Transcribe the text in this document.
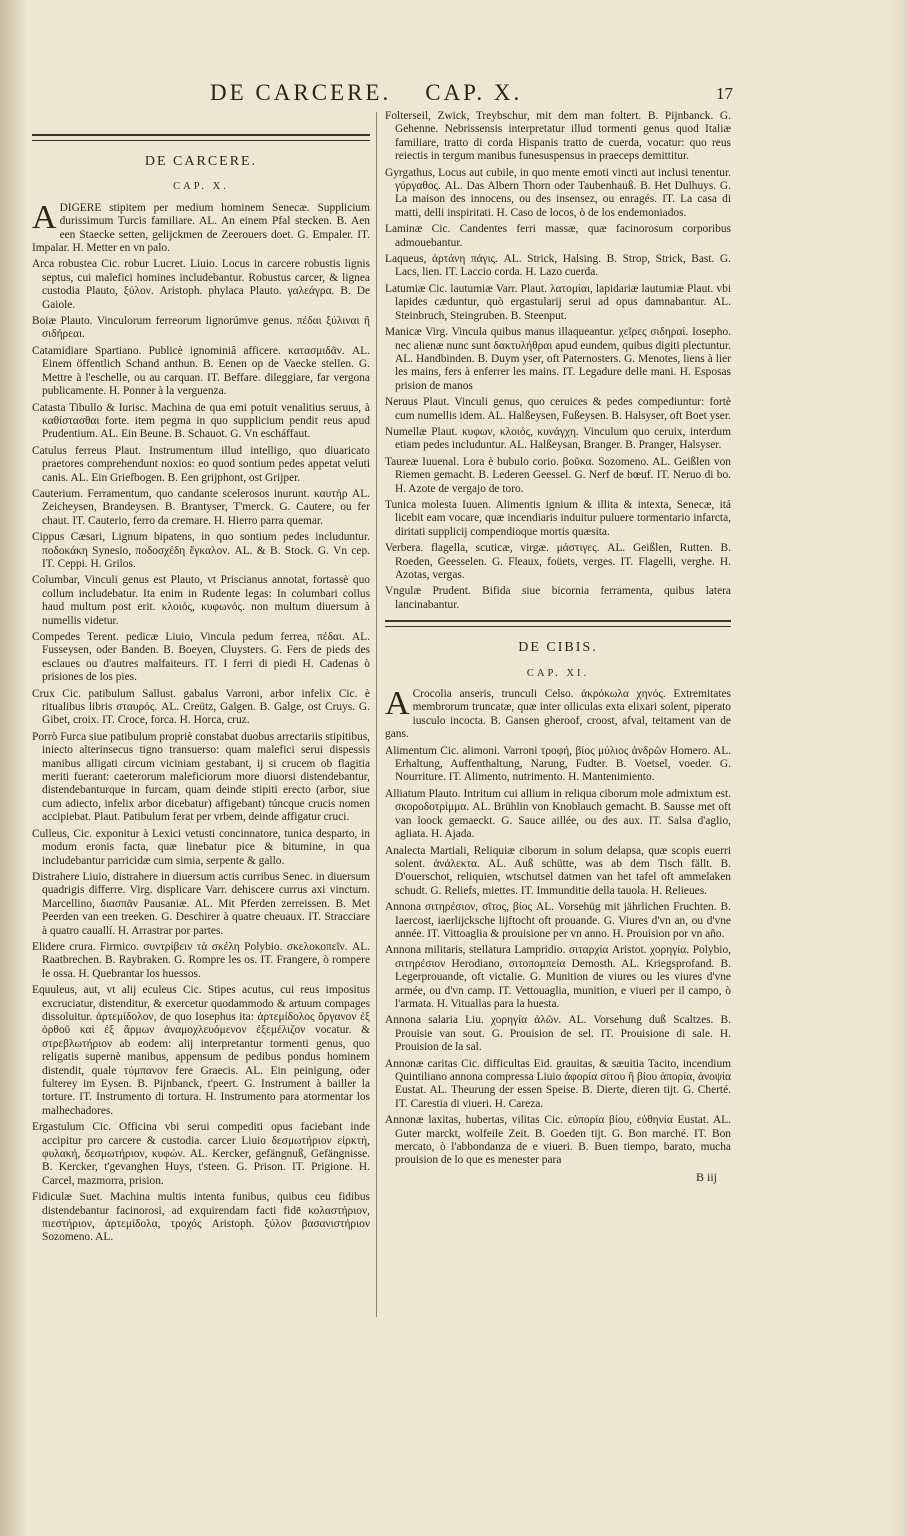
DE CARCERE. CAP. X.	17
DE CARCERE.
CAP. X.

ADIGERE stipitem per medium hominem Senecæ. Supplicium durissimum Turcis familiare. AL. An einem Pfal stecken. B. Aen een Staecke setten, gelijckmen de Zeerouers doet. G. Empaler. IT. Impalar. H. Metter en vn palo.

Arca robustea Cic. robur Lucret. Liuio. Locus in carcere robustis lignis septus, cui malefici homines includebantur. Robustus carcer, & lignea custodia Plauto, ξύλον. Aristoph. phylaca Plauto. γαλεάγρα. B. De Gaiole.

Boiæ Plauto. Vinculorum ferreorum lignorúmve genus. πέδαι ξύλιναι ἢ σιδήρεαι.

Catamidiare Spartiano. Publicè ignominiâ afficere. κατασμιδᾶν. AL. Einem öffentlich Schand anthun. B. Eenen op de Vaecke stellen. G. Mettre à l'eschelle, ou au carquan. IT. Beffare. dileggiare, far vergona publicamente. H. Ponner à la verguenza.

Catasta Tibullo & Iurisc. Machina de qua emi potuit venalitius seruus, à καθίστασθαι forte. item pegma in quo supplicium pendit reus apud Prudentium. AL. Ein Beune. B. Schauot. G. Vn escháffaut.

Catulus ferreus Plaut. Instrumentum illud intelligo, quo diuaricato praetores comprehendunt noxios: eo quod sontium pedes appetat veluti canis. AL. Ein Griefbogen. B. Een grijphont, ost Grijper.

Cauterium. Ferramentum, quo candante scelerosos inurunt. καυτήρ AL. Zeicheysen, Brandeysen. B. Brantyser, T'merck. G. Cautere, ou fer chaut. IT. Cauterio, ferro da cremare. H. Hierro parra quemar.

Cippus Cæsari, Lignum bipatens, in quo sontium pedes includuntur. ποδοκάκη Synesio, ποδοσχέδη ἔγκαλον. AL. & B. Stock. G. Vn cep. IT. Ceppi. H. Grilos.

Columbar, Vinculi genus est Plauto, vt Priscianus annotat, fortassè quo collum includebatur. Ita enim in Rudente legas: In columbari collus haud multum post erit. κλοιός, κυφωνός. non multum diuersum à numellis videtur.

Compedes Terent. pedicæ Liuio, Vincula pedum ferrea, πέδαι. AL. Fusseysen, oder Banden. B. Boeyen, Cluysters. G. Fers de pieds des esclaues ou d'autres malfaiteurs. IT. I ferri di piedi H. Cadenas ò prisiones de los pies.

Crux Cic. patibulum Sallust. gabalus Varroni, arbor infelix Cic. è ritualibus libris σταυρός. AL. Creütz, Galgen. B. Galge, ost Cruys. G. Gibet, croix. IT. Croce, forca. H. Horca, cruz.

Porrò Furca siue patibulum propriè constabat duobus arrectariis stipitibus, iniecto alterinsecus tigno transuerso: quam malefici serui dispessis manibus alligati circum viciniam gestabant, ij si crucem ob flagitia meriti fuerant: caeterorum maleficiorum more diuorsi distendebantur, distendebanturque in furcam, quam deinde stipiti erecto (arbor, siue cum adiecto, infelix arbor dicebatur) affigebant) túncque crucis nomen accipiebat. Plaut. Patibulum ferat per vrbem, deinde affigatur cruci.

Culleus, Cic. exponitur à Lexici vetusti concinnatore, tunica desparto, in modum eronis facta, quæ linebatur pice & bitumine, in qua includebantur parricidæ cum simia, serpente & gallo.

Distrahere Liuio, distrahere in diuersum actis curribus Senec. in diuersum quadrigis differre. Virg. displicare Varr. dehiscere currus axi vinctum. Marcellino, διασπᾶν Pausaniæ. AL. Mit Pferden zerreissen. B. Met Peerden van een treeken. G. Deschirer à quatre cheuaux. IT. Stracciare à quatro cauallí. H. Arrastrar por partes.

Elidere crura. Firmico. συντρίβειν τὰ σκέλη Polybio. σκελοκοπεῖν. AL. Raatbrechen. B. Raybraken. G. Rompre les os. IT. Frangere, ò rompere le ossa. H. Quebrantar los huessos.

Equuleus, aut, vt alij eculeus Cic. Stipes acutus, cui reus impositus excruciatur, distenditur, & exercetur quodammodo & artuum compages dissoluitur. ἀρτεμίδολον, de quo Iosephus ita: ἀρτεμίδολος ὄργανον ἐξ ὀρθοῦ καὶ ἐξ ἄρμων ἀναμοχλευόμενον ἐξεμέλιζον vocatur. & στρεβλωτήριον ab eodem: alij interpretantur tormenti genus, quo religatis supernè manibus, appensum de pedibus pondus hominem distendit, quale τύμπανον fere Graecis. AL. Ein peinigung, oder fulterey im Eysen. B. Pijnbanck, t'peert. G. Instrument à bailler la torture. IT. Instrumento di tortura. H. Instrumento para atormentar los malhechadores.

Ergastulum Cic. Officina vbi serui compediti opus faciebant inde accipitur pro carcere & custodia. carcer Liuio δεσμωτήριον εἱρκτή, φυλακή, δεσμωτήριον, κυφών. AL. Kercker, gefängnuß, Gefängnisse. B. Kercker, t'gevanghen Huys, t'steen. G. Prison. IT. Prigione. H. Carcel, mazmorra, prision.

Fidiculæ Suet. Machina multis intenta funibus, quibus ceu fidibus distendebantur facinorosi, ad exquirendam facti fidē κολαστήριον, πιεστήριον, ἀρτεμίδολα, τροχός Aristoph. ξύλον βασανιστήριον Sozomeno. AL.

Folterseil, Zwick, Treybschur, mit dem man foltert. B. Pijnbanck. G. Gehenne. Nebrissensis interpretatur illud tormenti genus quod Italiæ familiare, tratto di corda Hispanis tratto de cuerda, vocatur: quo reus reiectis in tergum manibus funesuspensus in praeceps demittitur.

Gyrgathus, Locus aut cubile, in quo mente emoti vincti aut inclusi tenentur. γύργαθος. AL. Das Albern Thorn oder Taubenhauß. B. Het Dulhuys. G. La maison des innocens, ou des insensez, ou enragés. IT. La casa di matti, delli inspiritati. H. Caso de locos, ò de los endemoniados.

Laminæ Cic. Candentes ferri massæ, quæ facinorosum corporibus admouebantur.

Laqueus, ἀρτάνη πάγις. AL. Strick, Halsing. B. Strop, Strick, Bast. G. Lacs, lien. IT. Laccio corda. H. Lazo cuerda.

Latumiæ Cic. lautumiæ Varr. Plaut. λατομίαι, lapidariæ lautumiæ Plaut. vbi lapides cæduntur, quò ergastularij serui ad opus damnabantur. AL. Steinbruch, Steingruben. B. Steenput.

Manicæ Virg. Vincula quibus manus illaqueantur. χεῖρες σιδηραί. Iosepho. nec alienæ nunc sunt δακτυλήθραι apud eundem, quibus digiti plectuntur. AL. Handbinden. B. Duym yser, oft Paternosters. G. Menotes, liens à lier les mains, fers à enferrer les mains. IT. Legadure delle mani. H. Esposas prision de manos

Neruus Plaut. Vinculi genus, quo ceruices & pedes compediuntur: fortè cum numellis idem. AL. Halßeysen, Fußeysen. B. Halsyser, oft Boet yser.

Numellæ Plaut. κυφων, κλοιός, κυνάγχη. Vinculum quo ceruix, interdum etiam pedes includuntur. AL. Halßeysan, Branger. B. Pranger, Halsyser.

Taureæ Iuuenal. Lora è bubulo corio. βοῦκα. Sozomeno. AL. Geißlen von Riemen gemacht. B. Lederen Geessel. G. Nerf de bœuf. IT. Neruo di bo. H. Azote de vergajo de toro.

Tunica molesta Iuuen. Alimentis ignium & illita & intexta, Senecæ, itá licebit eam vocare, quæ incendiaris induitur puluere tormentario infarcta, diritati supplicij compendioque mortis quæsita.

Verbera. flagella, scuticæ, virgæ. μάστιγες. AL. Geißlen, Rutten. B. Roeden, Geesselen. G. Fleaux, foüets, verges. IT. Flagelli, verghe. H. Azotas, vergas.

Vngulæ Prudent. Bifida siue bicornia ferramenta, quibus latera lancinabantur.

DE CIBIS.
CAP. XI.

A Crocolia anseris, trunculi Celso. ἀκρόκωλα χηνός. Extremitates membrorum truncatæ, quæ inter olliculas exta elixari solent, piperato iusculo incocta. B. Gansen gheroof, croost, afval, teitament van de gans.

Alimentum Cic. alimoni. Varroni τροφή, βίος μύλιος ἀνδρῶν Homero. AL. Erhaltung, Auffenthaltung, Narung, Fudter. B. Voetsel, voeder. G. Nourriture. IT. Alimento, nutrimento. H. Mantenimiento.

Alliatum Plauto. Intritum cui allium in reliqua ciborum mole admixtum est. σκοροδοτρίμμα. AL. Brühlin von Knoblauch gemacht. B. Sausse met oft van loock gemaeckt. G. Sauce aillée, ou des aux. IT. Salsa d'aglio, agliata. H. Ajada.

Analecta Martiali, Reliquiæ ciborum in solum delapsa, quæ scopis euerri solent. ἀνάλεκτα. AL. Auß schütte, was ab dem Tisch fällt. B. D'ouerschot, reliquien, wtschutsel datmen van het tafel oft ammelaken schudt. G. Reliefs, miettes. IT. Immunditie della tauola. H. Relieues.

Annona σιτηρέσιον, σῖτος, βίος AL. Vorsehüg mit jährlichen Fruchten. B. Iaercost, iaerlijcksche lijftocht oft prouande. G. Viures d'vn an, ou d'vne année. IT. Vittoaglia & prouisione per vn anno. H. Prouision por vn año.

Annona militaris, stellatura Lampridio. σιταρχία Aristot. χορηγία. Polybio, σιτηρέσιον Herodiano, σιτοπομπεία Demosth. AL. Kriegsprofand. B. Legerprouande, oft victalie. G. Munition de viures ou les viures d'vne armée, ou d'vn camp. IT. Vettouaglia, munition, e viueri per il campo, ò l'armata. H. Vituallas para la huesta.

Annona salaria Liu. χορηγία ἁλῶν. AL. Vorsehung duß Scaltzes. B. Prouisie van sout. G. Prouision de sel. IT. Prouisione di sale. H. Prouision de la sal.

Annonæ caritas Cic. difficultas Eid. grauitas, & sæuitia Tacito, incendium Quintiliano annona compressa Liuio ἀφορία σίτου ἢ βίου ἀπορία, ἀνοψία Eustat. AL. Theurung der essen Speise. B. Dierte, dieren tijt. G. Cherté. IT. Carestia di viueri. H. Careza.

Annonæ laxitas, hubertas, vilitas Cic. εὐπορία βίου, εὐθηνία Eustat. AL. Guter marckt, wolfeile Zeit. B. Goeden tijt. G. Bon marché. IT. Bon mercato, ò l'abbondanza de e viueri. B. Buen tiempo, barato, mucha prouision de lo que es menester para

B iij
